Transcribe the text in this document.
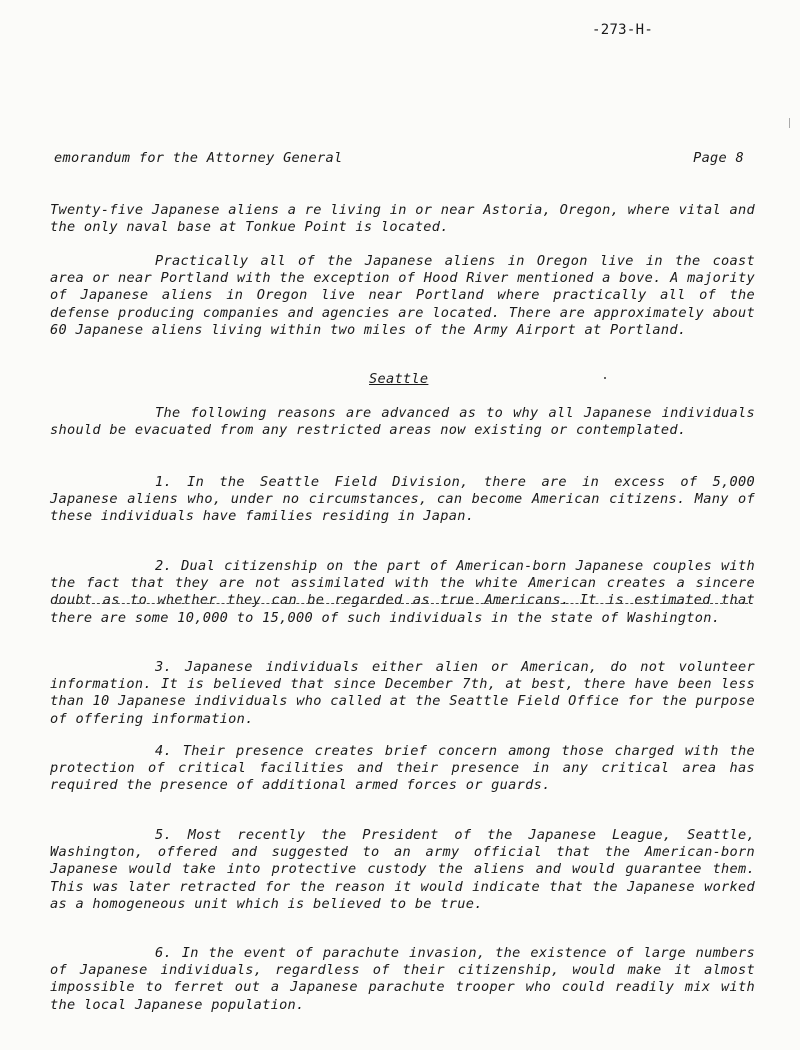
-273-H-
emorandum for the Attorney General	Page 8

Twenty-five Japanese aliens a re living in or near Astoria, Oregon, where vital and the only naval base at Tonkue Point is located.

Practically all of the Japanese aliens in Oregon live in the coast area or near Portland with the exception of Hood River mentioned a bove. A majority of Japanese aliens in Oregon live near Portland where practically all of the defense producing companies and agencies are located. There are approximately about 60 Japanese aliens living within two miles of the Army Airport at Portland.

Seattle

The following reasons are advanced as to why all Japanese individuals should be evacuated from any restricted areas now existing or contemplated.

1. In the Seattle Field Division, there are in excess of 5,000 Japanese aliens who, under no circumstances, can become American citizens. Many of these individuals have families residing in Japan.

2. Dual citizenship on the part of American-born Japanese couples with the fact that they are not assimilated with the white American creates a sincere doubt as to whether they can be regarded as true Americans. It is estimated that there are some 10,000 to 15,000 of such individuals in the state of Washington.

3. Japanese individuals either alien or American, do not volunteer information. It is believed that since December 7th, at best, there have been less than 10 Japanese individuals who called at the Seattle Field Office for the purpose of offering information.

4. Their presence creates brief concern among those charged with the protection of critical facilities and their presence in any critical area has required the presence of additional armed forces or guards.

5. Most recently the President of the Japanese League, Seattle, Washington, offered and suggested to an army official that the American-born Japanese would take into protective custody the aliens and would guarantee them. This was later retracted for the reason it would indicate that the Japanese worked as a homogeneous unit which is believed to be true.

6. In the event of parachute invasion, the existence of large numbers of Japanese individuals, regardless of their citizenship, would make it almost impossible to ferret out a Japanese parachute trooper who could readily mix with the local Japanese population.
